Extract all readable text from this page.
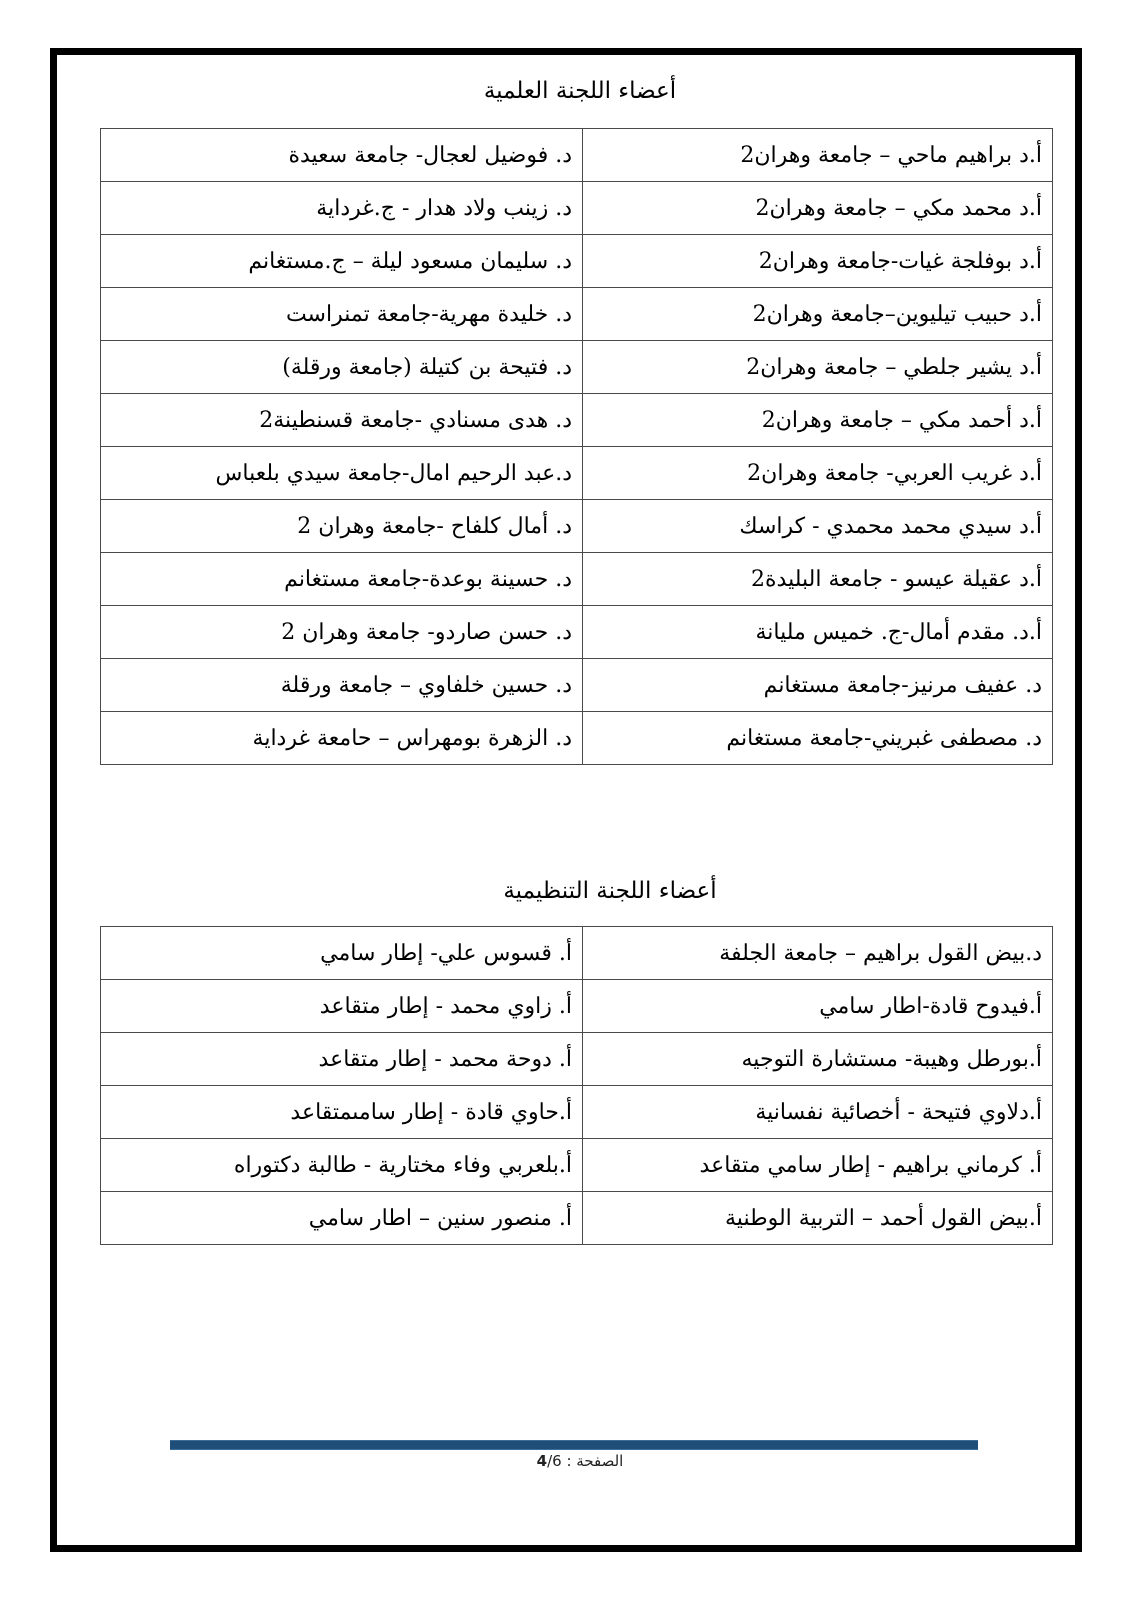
أعضاء اللجنة العلمية
أ.د براهيم ماحي – جامعة وهران2	د. فوضيل لعجال- جامعة سعيدة
أ.د محمد مكي – جامعة وهران2	د. زينب ولاد هدار - ج.غرداية
أ.د بوفلجة غيات-جامعة وهران2	د. سليمان مسعود ليلة – ج.مستغانم
أ.د حبيب تيليوين–جامعة وهران2	د. خليدة مهرية-جامعة تمنراست
أ.د يشير جلطي – جامعة وهران2	د. فتيحة بن كتيلة (جامعة ورقلة)
أ.د أحمد مكي – جامعة وهران2	د. هدى مسنادي -جامعة قسنطينة2
أ.د غريب العربي- جامعة وهران2	د.عبد الرحيم امال-جامعة سيدي بلعباس
أ.د سيدي محمد محمدي - كراسك	د. أمال كلفاح -جامعة وهران 2
أ.د عقيلة عيسو - جامعة البليدة2	د. حسينة بوعدة-جامعة مستغانم
أ.د. مقدم أمال-ج. خميس مليانة	د. حسن صاردو- جامعة وهران 2
د. عفيف مرنيز-جامعة مستغانم	د. حسين خلفاوي – جامعة ورقلة
د. مصطفى غبريني-جامعة مستغانم	د. الزهرة بومهراس – حامعة غرداية
أعضاء اللجنة التنظيمية
د.بيض القول براهيم – جامعة الجلفة	أ. قسوس علي- إطار سامي
أ.فيدوح قادة-اطار سامي	أ. زاوي محمد - إطار متقاعد
أ.بورطل وهيبة- مستشارة التوجيه	أ. دوحة محمد - إطار متقاعد
أ.دلاوي فتيحة - أخصائية نفسانية	أ.حاوي قادة - إطار سامىمتقاعد
أ. كرماني براهيم - إطار سامي متقاعد	أ.بلعربي وفاء مختارية - طالبة دكتوراه
أ.بيض القول أحمد – التربية الوطنية	أ. منصور سنين – اطار سامي
الصفحة : 4/6
